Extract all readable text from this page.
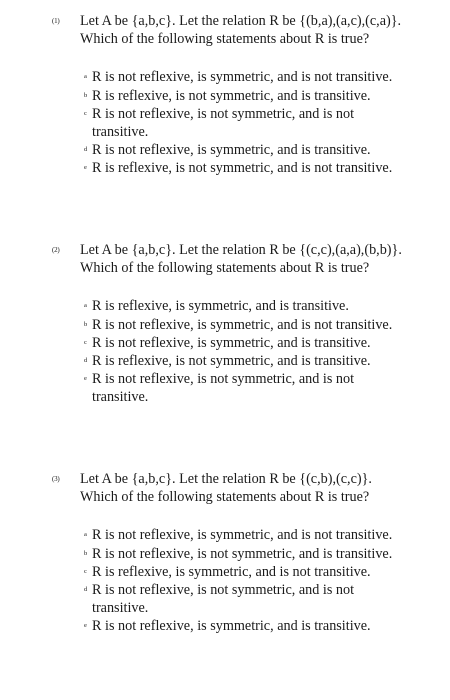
(1) Let A be {a,b,c}. Let the relation R be {(b,a),(a,c),(c,a)}. Which of the following statements about R is true?
a R is not reflexive, is symmetric, and is not transitive.
b R is reflexive, is not symmetric, and is transitive.
c R is not reflexive, is not symmetric, and is not transitive.
d R is not reflexive, is symmetric, and is transitive.
e R is reflexive, is not symmetric, and is not transitive.
(2) Let A be {a,b,c}. Let the relation R be {(c,c),(a,a),(b,b)}. Which of the following statements about R is true?
a R is reflexive, is symmetric, and is transitive.
b R is not reflexive, is symmetric, and is not transitive.
c R is not reflexive, is symmetric, and is transitive.
d R is reflexive, is not symmetric, and is transitive.
e R is not reflexive, is not symmetric, and is not transitive.
(3) Let A be {a,b,c}. Let the relation R be {(c,b),(c,c)}. Which of the following statements about R is true?
a R is not reflexive, is symmetric, and is not transitive.
b R is not reflexive, is not symmetric, and is transitive.
c R is reflexive, is symmetric, and is not transitive.
d R is not reflexive, is not symmetric, and is not transitive.
e R is not reflexive, is symmetric, and is transitive.
